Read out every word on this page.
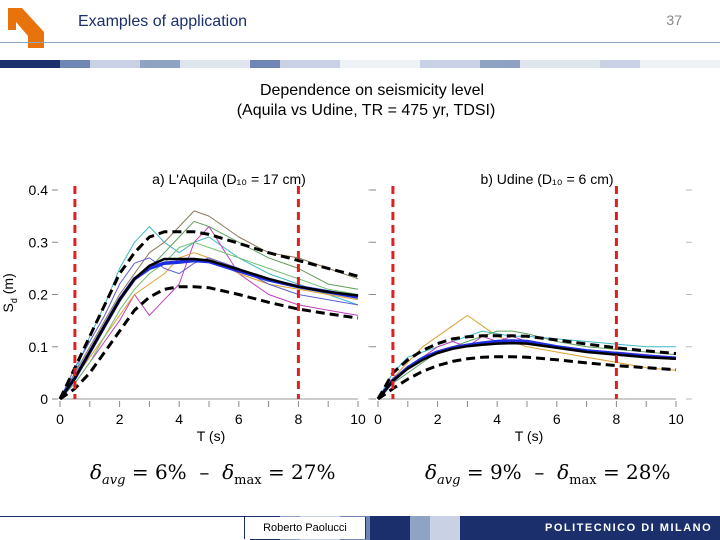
Examples of application	37
Dependence on seismicity level
(Aquila vs Udine, TR = 475 yr, TDSI)
0
0.1
0.2
0.3
0.4
0	2	4	6	8	10
T (s)
$S_d$ (m)
a) L'Aquila (D₁₀ = 17 cm)
0	2	4	6	8	10
T (s)
b) Udine (D₁₀ = 6 cm)
$\delta_{avg} = 6\% - \delta_{max} = 27\%$	$\delta_{avg} = 9\% - \delta_{max} = 28\%$
Roberto Paolucci	POLITECNICO DI MILANO
